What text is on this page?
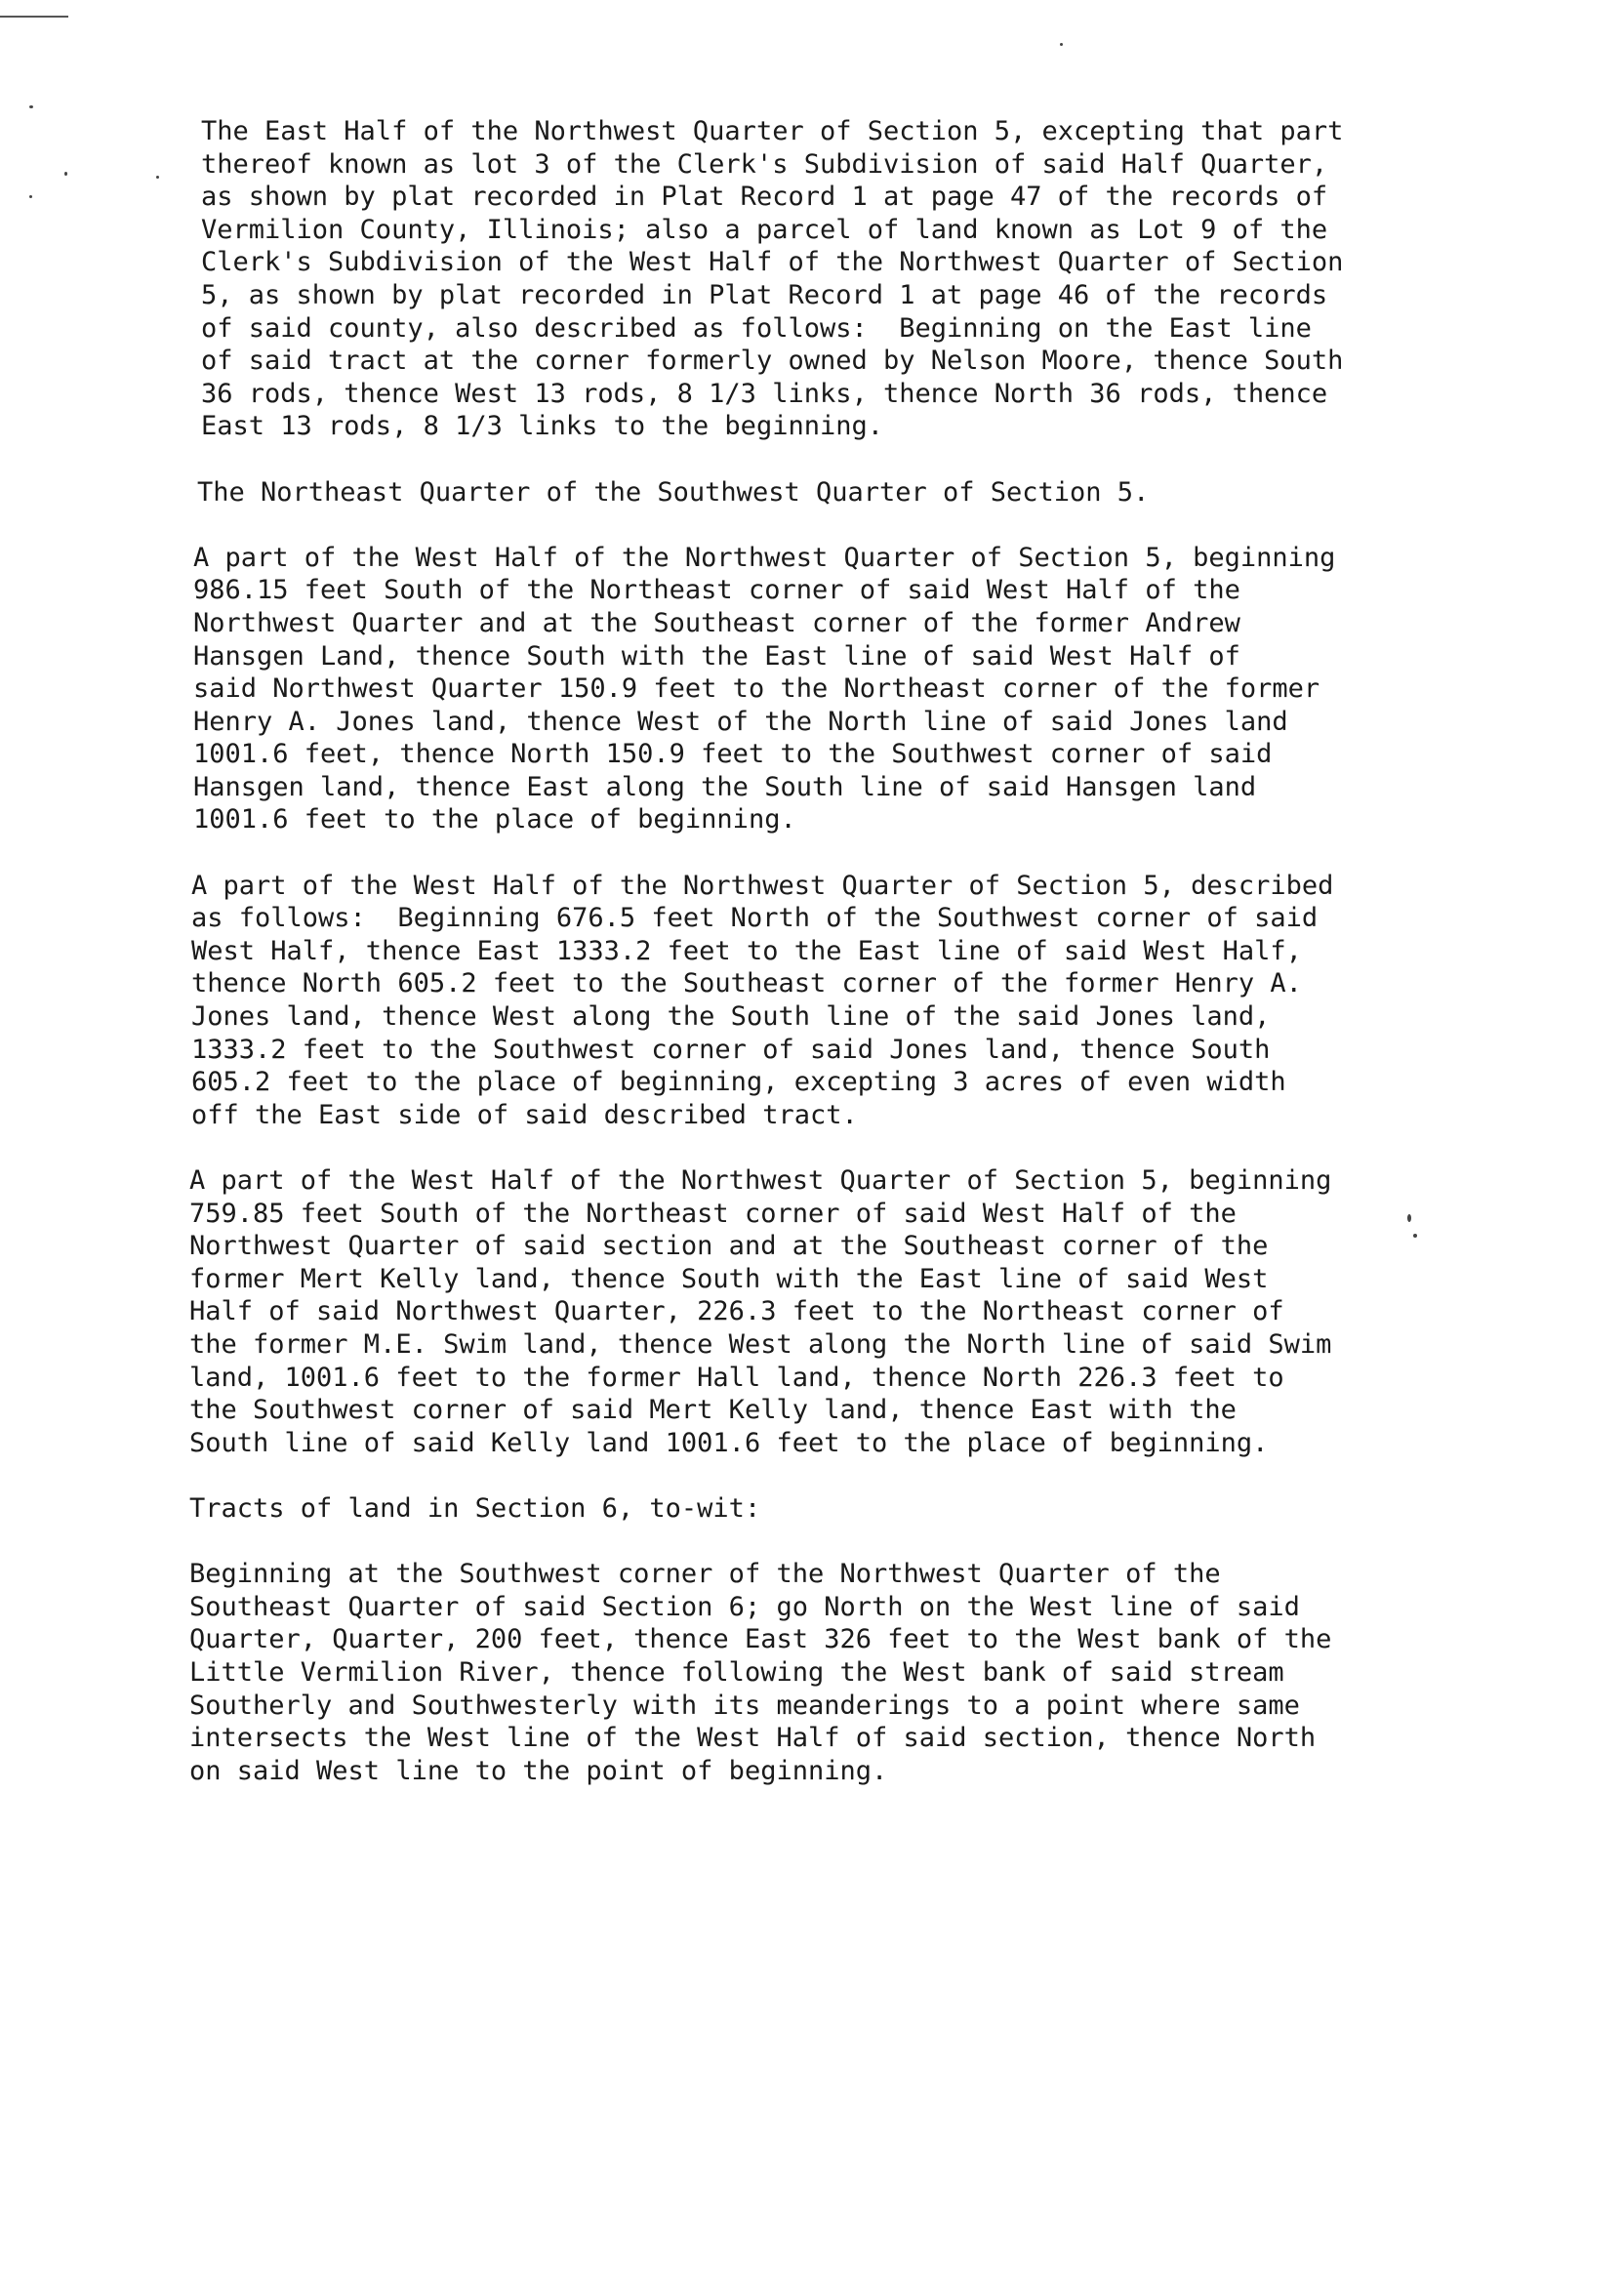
The East Half of the Northwest Quarter of Section 5, excepting that part
thereof known as lot 3 of the Clerk's Subdivision of said Half Quarter,
as shown by plat recorded in Plat Record 1 at page 47 of the records of
Vermilion County, Illinois; also a parcel of land known as Lot 9 of the
Clerk's Subdivision of the West Half of the Northwest Quarter of Section
5, as shown by plat recorded in Plat Record 1 at page 46 of the records
of said county, also described as follows:  Beginning on the East line
of said tract at the corner formerly owned by Nelson Moore, thence South
36 rods, thence West 13 rods, 8 1/3 links, thence North 36 rods, thence
East 13 rods, 8 1/3 links to the beginning.
The Northeast Quarter of the Southwest Quarter of Section 5.
A part of the West Half of the Northwest Quarter of Section 5, beginning
986.15 feet South of the Northeast corner of said West Half of the
Northwest Quarter and at the Southeast corner of the former Andrew
Hansgen Land, thence South with the East line of said West Half of
said Northwest Quarter 150.9 feet to the Northeast corner of the former
Henry A. Jones land, thence West of the North line of said Jones land
1001.6 feet, thence North 150.9 feet to the Southwest corner of said
Hansgen land, thence East along the South line of said Hansgen land
1001.6 feet to the place of beginning.
A part of the West Half of the Northwest Quarter of Section 5, described
as follows:  Beginning 676.5 feet North of the Southwest corner of said
West Half, thence East 1333.2 feet to the East line of said West Half,
thence North 605.2 feet to the Southeast corner of the former Henry A.
Jones land, thence West along the South line of the said Jones land,
1333.2 feet to the Southwest corner of said Jones land, thence South
605.2 feet to the place of beginning, excepting 3 acres of even width
off the East side of said described tract.
A part of the West Half of the Northwest Quarter of Section 5, beginning
759.85 feet South of the Northeast corner of said West Half of the
Northwest Quarter of said section and at the Southeast corner of the
former Mert Kelly land, thence South with the East line of said West
Half of said Northwest Quarter, 226.3 feet to the Northeast corner of
the former M.E. Swim land, thence West along the North line of said Swim
land, 1001.6 feet to the former Hall land, thence North 226.3 feet to
the Southwest corner of said Mert Kelly land, thence East with the
South line of said Kelly land 1001.6 feet to the place of beginning.
Tracts of land in Section 6, to-wit:
Beginning at the Southwest corner of the Northwest Quarter of the
Southeast Quarter of said Section 6; go North on the West line of said
Quarter, Quarter, 200 feet, thence East 326 feet to the West bank of the
Little Vermilion River, thence following the West bank of said stream
Southerly and Southwesterly with its meanderings to a point where same
intersects the West line of the West Half of said section, thence North
on said West line to the point of beginning.
